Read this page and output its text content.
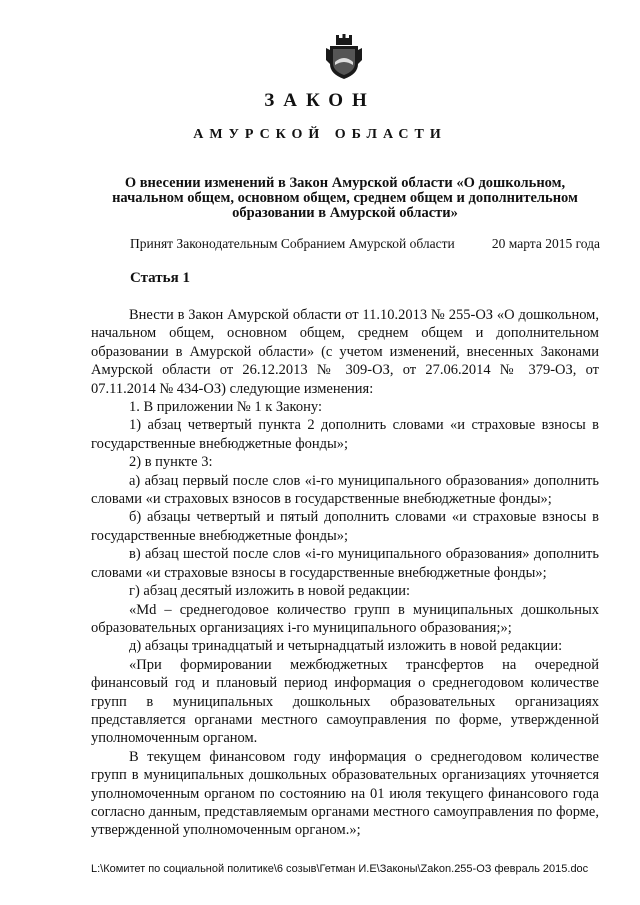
ЗАКОН
АМУРСКОЙ ОБЛАСТИ
О внесении изменений в Закон Амурской области «О дошкольном, начальном общем, основном общем, среднем общем и дополнительном образовании в Амурской области»
Принят Законодательным Собранием Амурской области	20 марта 2015 года
Статья 1

Внести в Закон Амурской области от 11.10.2013 № 255-ОЗ «О дошкольном, начальном общем, основном общем, среднем общем и дополнительном образовании в Амурской области» (с учетом изменений, внесенных Законами Амурской области от 26.12.2013 № 309-ОЗ, от 27.06.2014 № 379-ОЗ, от 07.11.2014 № 434-ОЗ) следующие изменения:

1. В приложении № 1 к Закону:

1) абзац четвертый пункта 2 дополнить словами «и страховые взносы в государственные внебюджетные фонды»;

2) в пункте 3:

а) абзац первый после слов «i-го муниципального образования» дополнить словами «и страховых взносов в государственные внебюджетные фонды»;

б) абзацы четвертый и пятый дополнить словами «и страховые взносы в государственные внебюджетные фонды»;

в) абзац шестой после слов «i-го муниципального образования» дополнить словами «и страховые взносы в государственные внебюджетные фонды»;

г) абзац десятый изложить в новой редакции:

«Мd – среднегодовое количество групп в муниципальных дошкольных образовательных организациях i-го муниципального образования;»;

д) абзацы тринадцатый и четырнадцатый изложить в новой редакции:

«При формировании межбюджетных трансфертов на очередной финансовый год и плановый период информация о среднегодовом количестве групп в муниципальных дошкольных образовательных организациях представляется органами местного самоуправления по форме, утвержденной уполномоченным органом.

В текущем финансовом году информация о среднегодовом количестве групп в муниципальных дошкольных образовательных организациях уточняется уполномоченным органом по состоянию на 01 июля текущего финансового года согласно данным, представляемым органами местного самоуправления по форме, утвержденной уполномоченным органом.»;

L:\Комитет по социальной политике\6 созыв\Гетман И.Е\Законы\Zakon.255-ОЗ февраль 2015.doc
